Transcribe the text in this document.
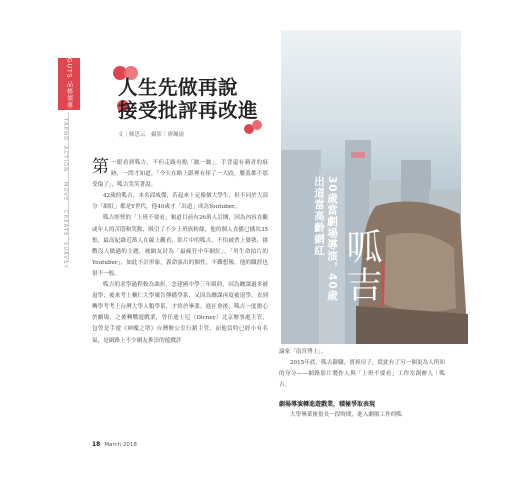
GUTS 品格領導
TREND
ACTION
MOVE
CREATE
SURVEY
人生先做再說
接受批評再改進
文｜蘇思云　攝影｜廖珮瑜

第一眼看到呱吉，不但走路有點「跛一跛」，手背還有刺青的痕跡，一問才知道，「今天在路上跟裡有摔了一大跤，腰蓋都不那受傷了」，呱吉笑笑著說。

42歲的呱吉，本名邱威傑，若起來十足像個大學生，但不同於大部分「網紅」都是Y世代，他40歲才「出道」成為Youtuber。

呱吉經營的「上班不要看」頻道目前有26萬人訂閱，因為內容直觀或年人的苦悶和笑點，吸引了不少上班族粉絲，他的個人直播已播出35集，最高紀錄近萬人在線上觀看，影片中的呱吉，不怕被貪上婆塾，挑戰沒人做過的主題，被網友封為「最瘋狂中年網紅」，「用生命拍片的Youtuber」，如此不計形象，義命演出的個性，不難想像，他的職涯也很不一般。

呱吉的求學過程較為曲折，念建國中學三年級時，因為纏課過多被退學；後來考上輔仁大學廣告傳播學系，又因為纏課再度被退學，直到轉學考考上台灣大學人類學系，才終於畢業。進社會後，呱吉一度擔心於劇場，之後轉戰遊戲業，曾任迪士尼（Dicney）北京辦事處主管，包曾是手遊《神魔之塔》台灣辦公室行銷主管，而他當時已經小有名氣，是網路上不少網友推崇的遊戲評

30歲當劇場導演，40歲
出道當高齡網紅
呱吉

論家「南宮博士」。

2015年底，呱吉辭職，賣掉房子，從此有了另一個更為人所知的身分——網路影片製作人與「上班不要看」工作室創辦人｜呱吉。

劇場導演轉進遊戲業，積極爭取表現

大學畢業後很長一段時間，進入劇場工作的呱

18 March 2018
